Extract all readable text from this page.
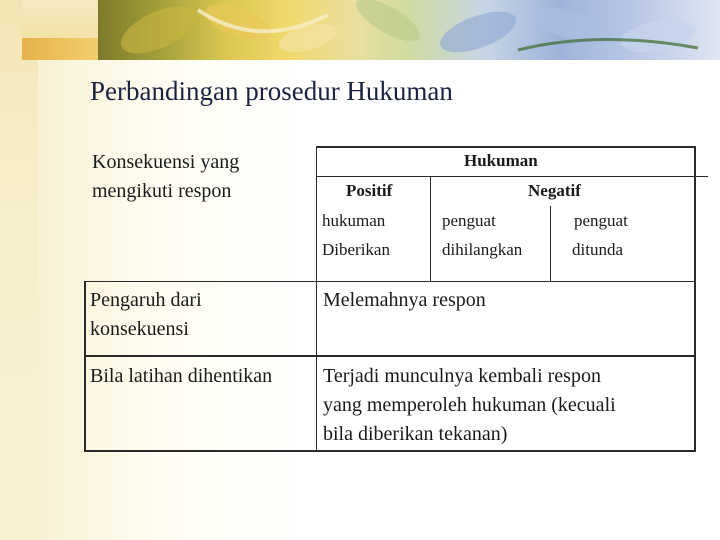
Perbandingan prosedur Hukuman
Konsekuensi yang
mengikuti respon
Hukuman
Positif	Negatif
hukuman
Diberikan
penguat
dihilangkan
penguat
ditunda
Pengaruh dari
konsekuensi
Melemahnya respon
Bila latihan dihentikan	Terjadi munculnya kembali respon
yang memperoleh hukuman (kecuali
bila diberikan tekanan)
